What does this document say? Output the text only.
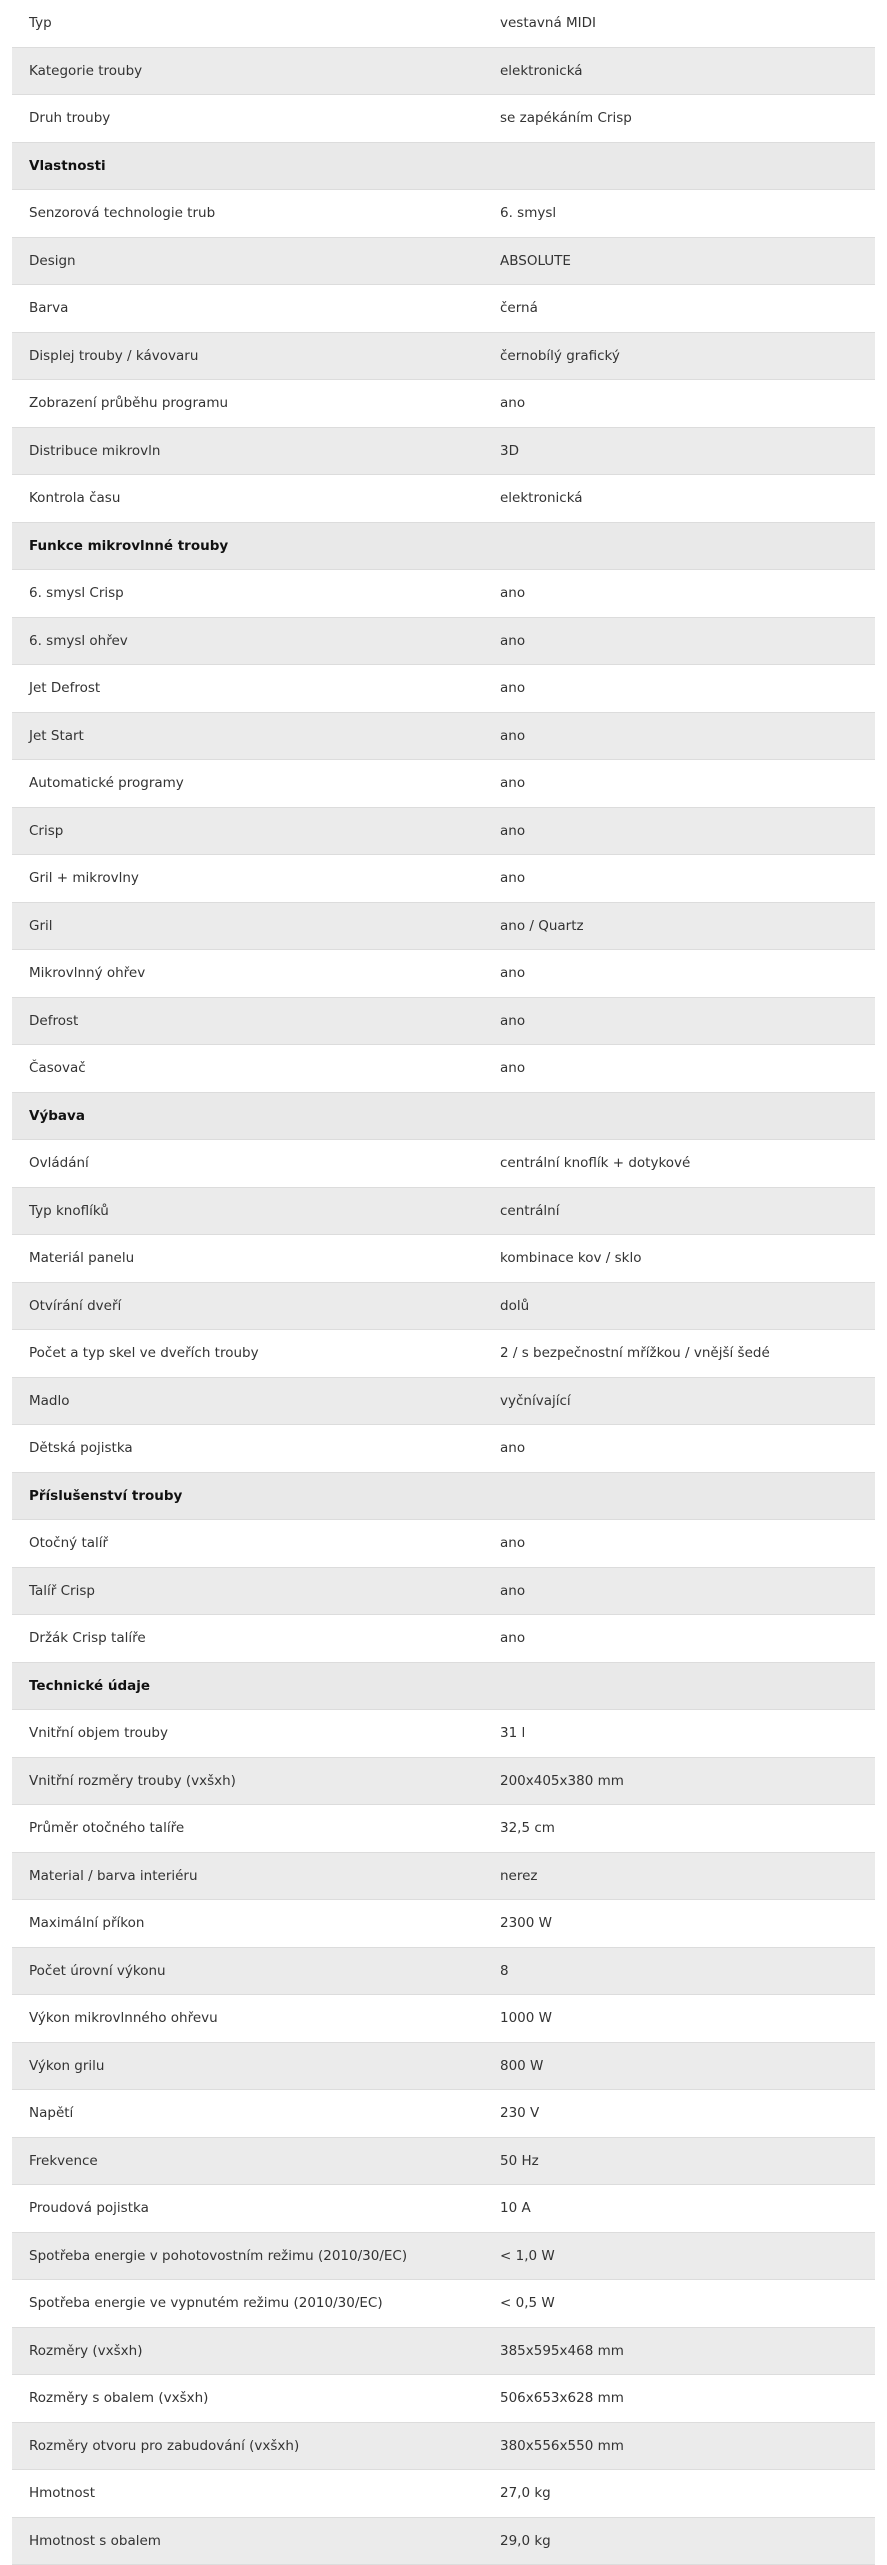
Typ	vestavná MIDI
Kategorie trouby	elektronická
Druh trouby	se zapékáním Crisp
Vlastnosti
Senzorová technologie trub	6. smysl
Design	ABSOLUTE
Barva	černá
Displej trouby / kávovaru	černobílý grafický
Zobrazení průběhu programu	ano
Distribuce mikrovln	3D
Kontrola času	elektronická
Funkce mikrovlnné trouby
6. smysl Crisp	ano
6. smysl ohřev	ano
Jet Defrost	ano
Jet Start	ano
Automatické programy	ano
Crisp	ano
Gril + mikrovlny	ano
Gril	ano / Quartz
Mikrovlnný ohřev	ano
Defrost	ano
Časovač	ano
Výbava
Ovládání	centrální knoflík + dotykové
Typ knoflíků	centrální
Materiál panelu	kombinace kov / sklo
Otvírání dveří	dolů
Počet a typ skel ve dveřích trouby	2 / s bezpečnostní mřížkou / vnější šedé
Madlo	vyčnívající
Dětská pojistka	ano
Příslušenství trouby
Otočný talíř	ano
Talíř Crisp	ano
Držák Crisp talíře	ano
Technické údaje
Vnitřní objem trouby	31 l
Vnitřní rozměry trouby (vxšxh)	200x405x380 mm
Průměr otočného talíře	32,5 cm
Material / barva interiéru	nerez
Maximální příkon	2300 W
Počet úrovní výkonu	8
Výkon mikrovlnného ohřevu	1000 W
Výkon grilu	800 W
Napětí	230 V
Frekvence	50 Hz
Proudová pojistka	10 A
Spotřeba energie v pohotovostním režimu (2010/30/EC)	< 1,0 W
Spotřeba energie ve vypnutém režimu (2010/30/EC)	< 0,5 W
Rozměry (vxšxh)	385x595x468 mm
Rozměry s obalem (vxšxh)	506x653x628 mm
Rozměry otvoru pro zabudování (vxšxh)	380x556x550 mm
Hmotnost	27,0 kg
Hmotnost s obalem	29,0 kg
